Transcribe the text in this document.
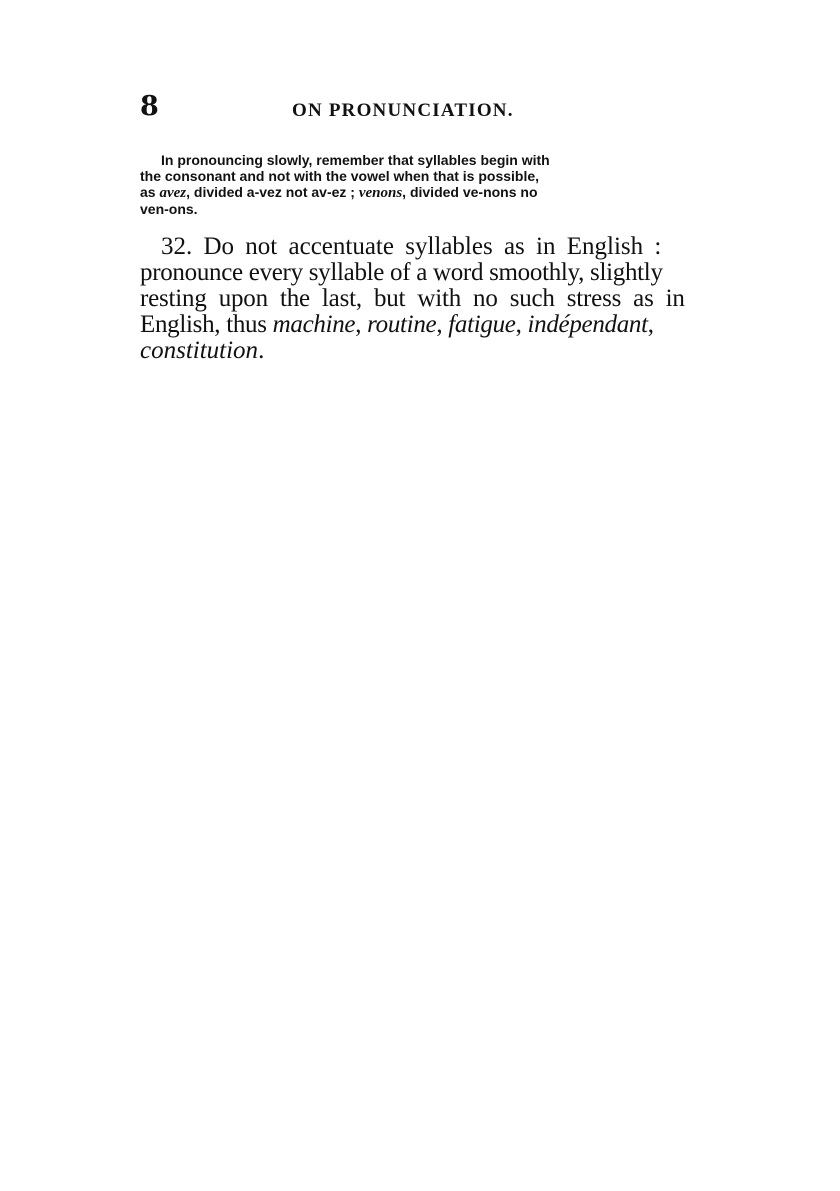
8	ON PRONUNCIATION.
In pronouncing slowly, remember that syllables begin with
the consonant and not with the vowel when that is possible,
as avez, divided a-vez not av-ez ; venons, divided ve-nons no
ven-ons.
32. Do not accentuate syllables as in English :
pronounce every syllable of a word smoothly, slightly
resting upon the last, but with no such stress as in
English, thus machine, routine, fatigue, indépendant,
constitution.
